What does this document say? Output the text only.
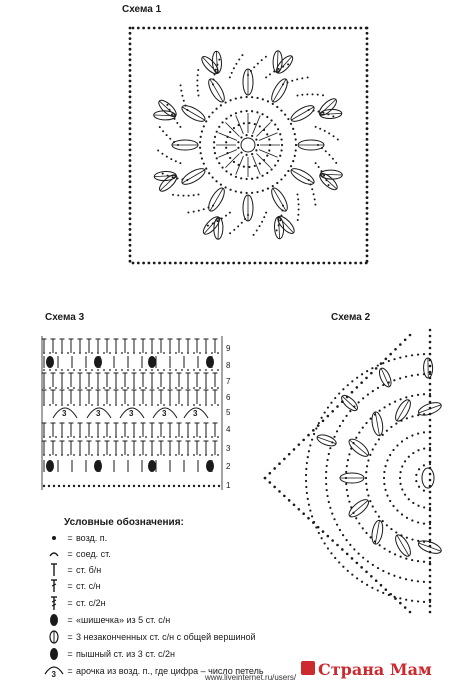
Схема 1
Схема 3	Схема 2
3
1
2
3
4
5
6
7
8
9
3	3	3	3	3
Условные обозначения:
= возд. п.
= соед. ст.
= ст. б/н
= ст. с/н
= ст. с/2н
= «шишечка» из 5 ст. с/н
= 3 незаконченных ст. с/н с общей вершиной
= пышный ст. из 3 ст. с/2н
= арочка из возд. п., где цифра – число петель
www.liveinternet.ru/users/ Страна Мам
